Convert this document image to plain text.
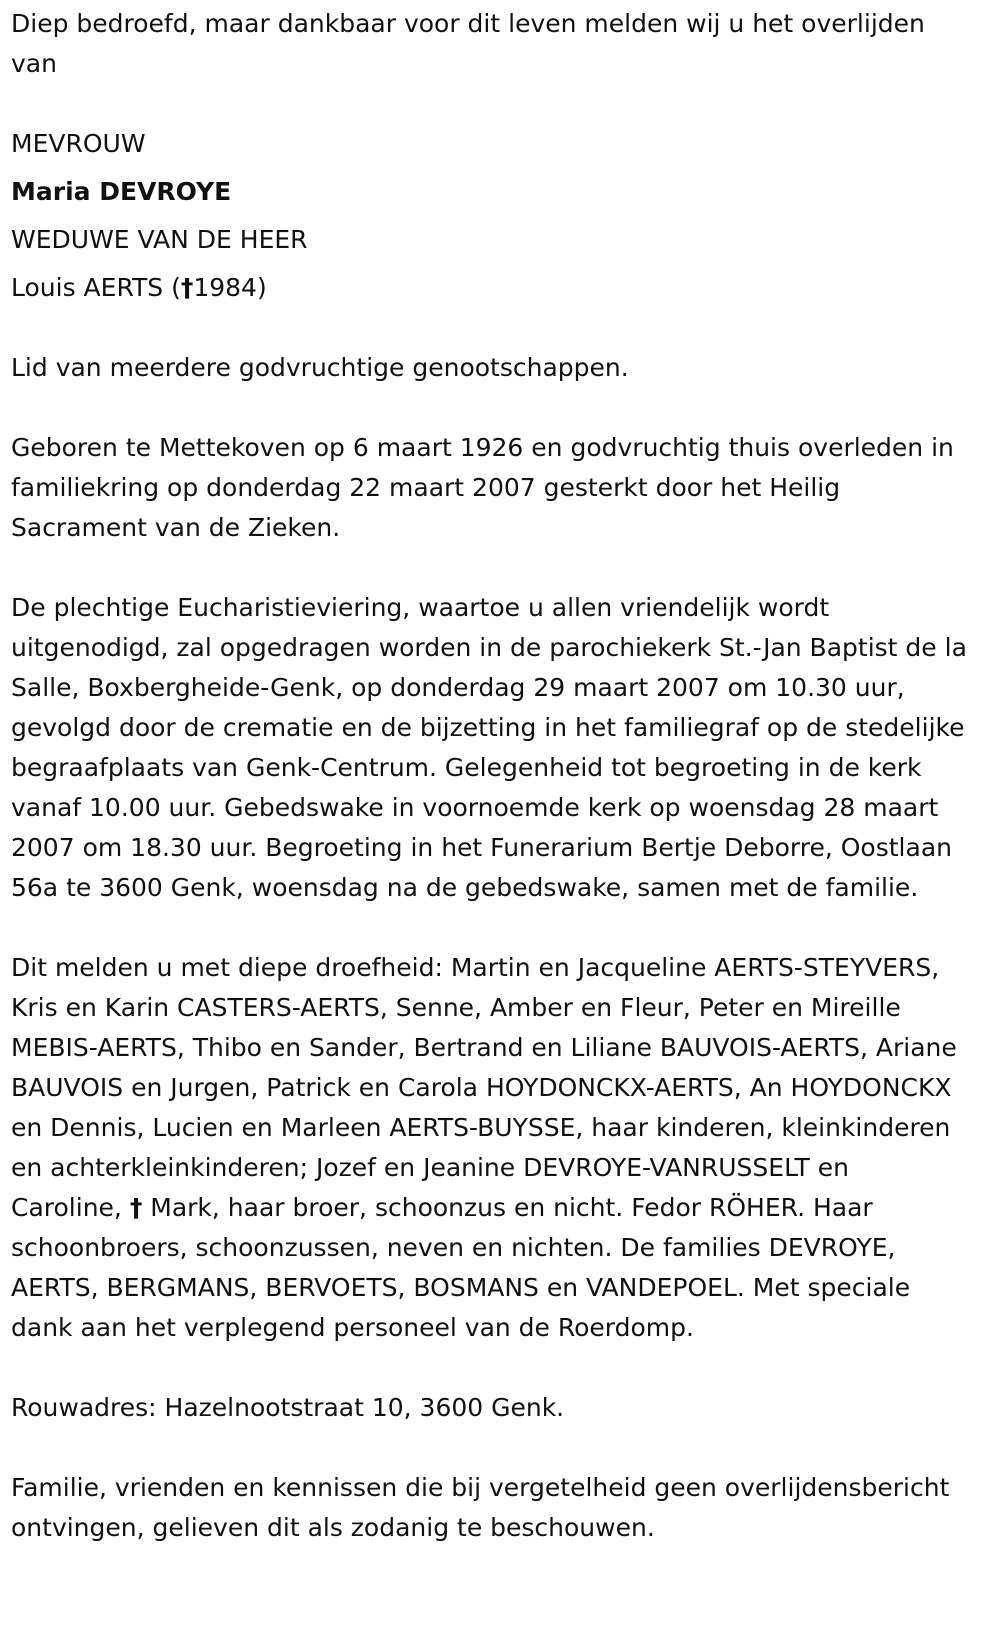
Diep bedroefd, maar dankbaar voor dit leven melden wij u het overlijden van

MEVROUW
Maria DEVROYE
WEDUWE VAN DE HEER
Louis AERTS (†1984)

Lid van meerdere godvruchtige genootschappen.

Geboren te Mettekoven op 6 maart 1926 en godvruchtig thuis overleden in familiekring op donderdag 22 maart 2007 gesterkt door het Heilig Sacrament van de Zieken.

De plechtige Eucharistieviering, waartoe u allen vriendelijk wordt uitgenodigd, zal opgedragen worden in de parochiekerk St.-Jan Baptist de la Salle, Boxbergheide-Genk, op donderdag 29 maart 2007 om 10.30 uur, gevolgd door de crematie en de bijzetting in het familiegraf op de stedelijke begraafplaats van Genk-Centrum. Gelegenheid tot begroeting in de kerk vanaf 10.00 uur. Gebedswake in voornoemde kerk op woensdag 28 maart 2007 om 18.30 uur. Begroeting in het Funerarium Bertje Deborre, Oostlaan 56a te 3600 Genk, woensdag na de gebedswake, samen met de familie.

Dit melden u met diepe droefheid: Martin en Jacqueline AERTS-STEYVERS, Kris en Karin CASTERS-AERTS, Senne, Amber en Fleur, Peter en Mireille MEBIS-AERTS, Thibo en Sander, Bertrand en Liliane BAUVOIS-AERTS, Ariane BAUVOIS en Jurgen, Patrick en Carola HOYDONCKX-AERTS, An HOYDONCKX en Dennis, Lucien en Marleen AERTS-BUYSSE, haar kinderen, kleinkinderen en achterkleinkinderen; Jozef en Jeanine DEVROYE-VANRUSSELT en Caroline, † Mark, haar broer, schoonzus en nicht. Fedor RÖHER. Haar schoonbroers, schoonzussen, neven en nichten. De families DEVROYE, AERTS, BERGMANS, BERVOETS, BOSMANS en VANDEPOEL. Met speciale dank aan het verplegend personeel van de Roerdomp.

Rouwadres: Hazelnootstraat 10, 3600 Genk.

Familie, vrienden en kennissen die bij vergetelheid geen overlijdensbericht ontvingen, gelieven dit als zodanig te beschouwen.
